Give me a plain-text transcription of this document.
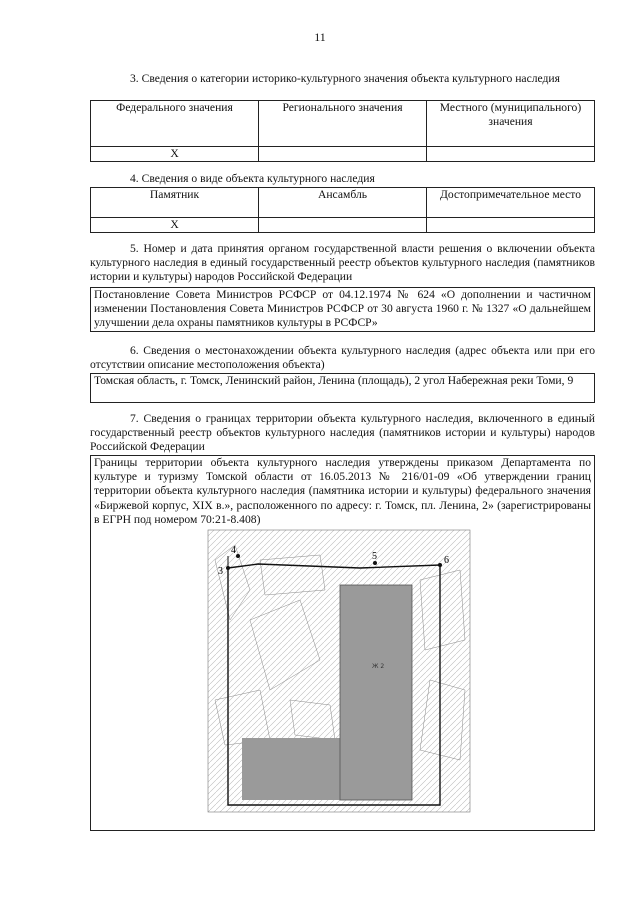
11
3. Сведения о категории историко-культурного значения объекта культурного наследия
Федерального значения	Регионального значения	Местного (муниципального) значения
Х		
4. Сведения о виде объекта культурного наследия
Памятник	Ансамбль	Достопримечательное место
Х		
5. Номер и дата принятия органом государственной власти решения о включении объекта культурного наследия в единый государственный реестр объектов культурного наследия (памятников истории и культуры) народов Российской Федерации
Постановление Совета Министров РСФСР от 04.12.1974 № 624 «О дополнении и частичном изменении Постановления Совета Министров РСФСР от 30 августа 1960 г. № 1327 «О дальнейшем улучшении дела охраны памятников культуры в РСФСР»
6. Сведения о местонахождении объекта культурного наследия (адрес объекта или при его отсутствии описание местоположения объекта)
Томская область, г. Томск, Ленинский район, Ленина (площадь), 2 угол Набережная реки Томи, 9
7. Сведения о границах территории объекта культурного наследия, включенного в единый государственный реестр объектов культурного наследия (памятников истории и культуры) народов Российской Федерации
Границы территории объекта культурного наследия утверждены приказом Департамента по культуре и туризму Томской области от 16.05.2013 № 216/01-09 «Об утверждении границ территории объекта культурного наследия (памятника истории и культуры) федерального значения «Биржевой корпус, XIX в.», расположенного по адресу: г. Томск, пл. Ленина, 2» (зарегистрированы в ЕГРН под номером 70:21-8.408)
Ж 2
3
4
5	6
